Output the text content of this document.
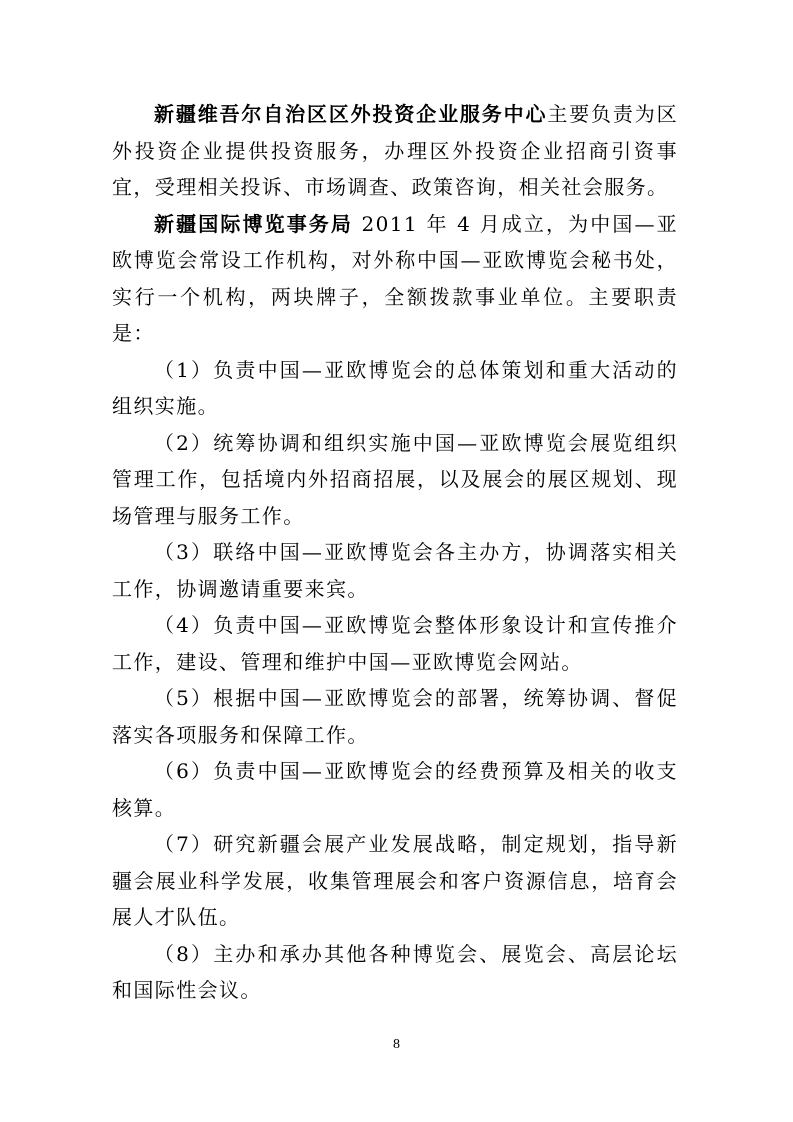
新疆维吾尔自治区区外投资企业服务中心主要负责为区外投资企业提供投资服务，办理区外投资企业招商引资事宜，受理相关投诉、市场调查、政策咨询，相关社会服务。

新疆国际博览事务局 2011 年 4 月成立，为中国—亚欧博览会常设工作机构，对外称中国—亚欧博览会秘书处，实行一个机构，两块牌子，全额拨款事业单位。主要职责是：

（1）负责中国—亚欧博览会的总体策划和重大活动的组织实施。

（2）统筹协调和组织实施中国—亚欧博览会展览组织管理工作，包括境内外招商招展，以及展会的展区规划、现场管理与服务工作。

（3）联络中国—亚欧博览会各主办方，协调落实相关工作，协调邀请重要来宾。

（4）负责中国—亚欧博览会整体形象设计和宣传推介工作，建设、管理和维护中国—亚欧博览会网站。

（5）根据中国—亚欧博览会的部署，统筹协调、督促落实各项服务和保障工作。

（6）负责中国—亚欧博览会的经费预算及相关的收支核算。

（7）研究新疆会展产业发展战略，制定规划，指导新疆会展业科学发展，收集管理展会和客户资源信息，培育会展人才队伍。

（8）主办和承办其他各种博览会、展览会、高层论坛和国际性会议。

8
